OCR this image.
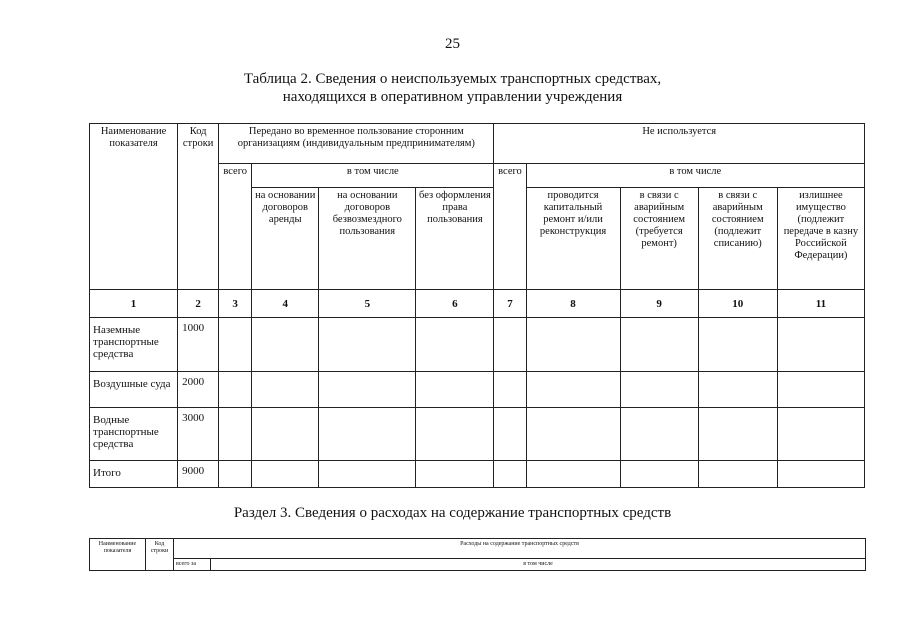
25
Таблица 2. Сведения о неиспользуемых транспортных средствах,
находящихся в оперативном управлении учреждения
Наименование показателя	Код строки	Передано во временное пользование сторонним организациям (индивидуальным предпринимателям)				Не используется				
		всего	в том числе			всего	в том числе			
			на основании договоров аренды	на основании договоров безвозмездного пользования	без оформления права пользования		проводится капитальный ремонт и/или реконструкция	в связи с аварийным состоянием (требуется ремонт)	в связи с аварийным состоянием (подлежит списанию)	излишнее имущество (подлежит передаче в казну Российской Федерации)
1	2	3	4	5	6	7	8	9	10	11
Наземные транспортные средства	1000									
Воздушные суда	2000									
Водные транспортные средства	3000									
Итого	9000									
Раздел 3. Сведения о расходах на содержание транспортных средств
Наименование показателя	Код строки	Расходы на содержание транспортных средств	
		всего за	в том числе
